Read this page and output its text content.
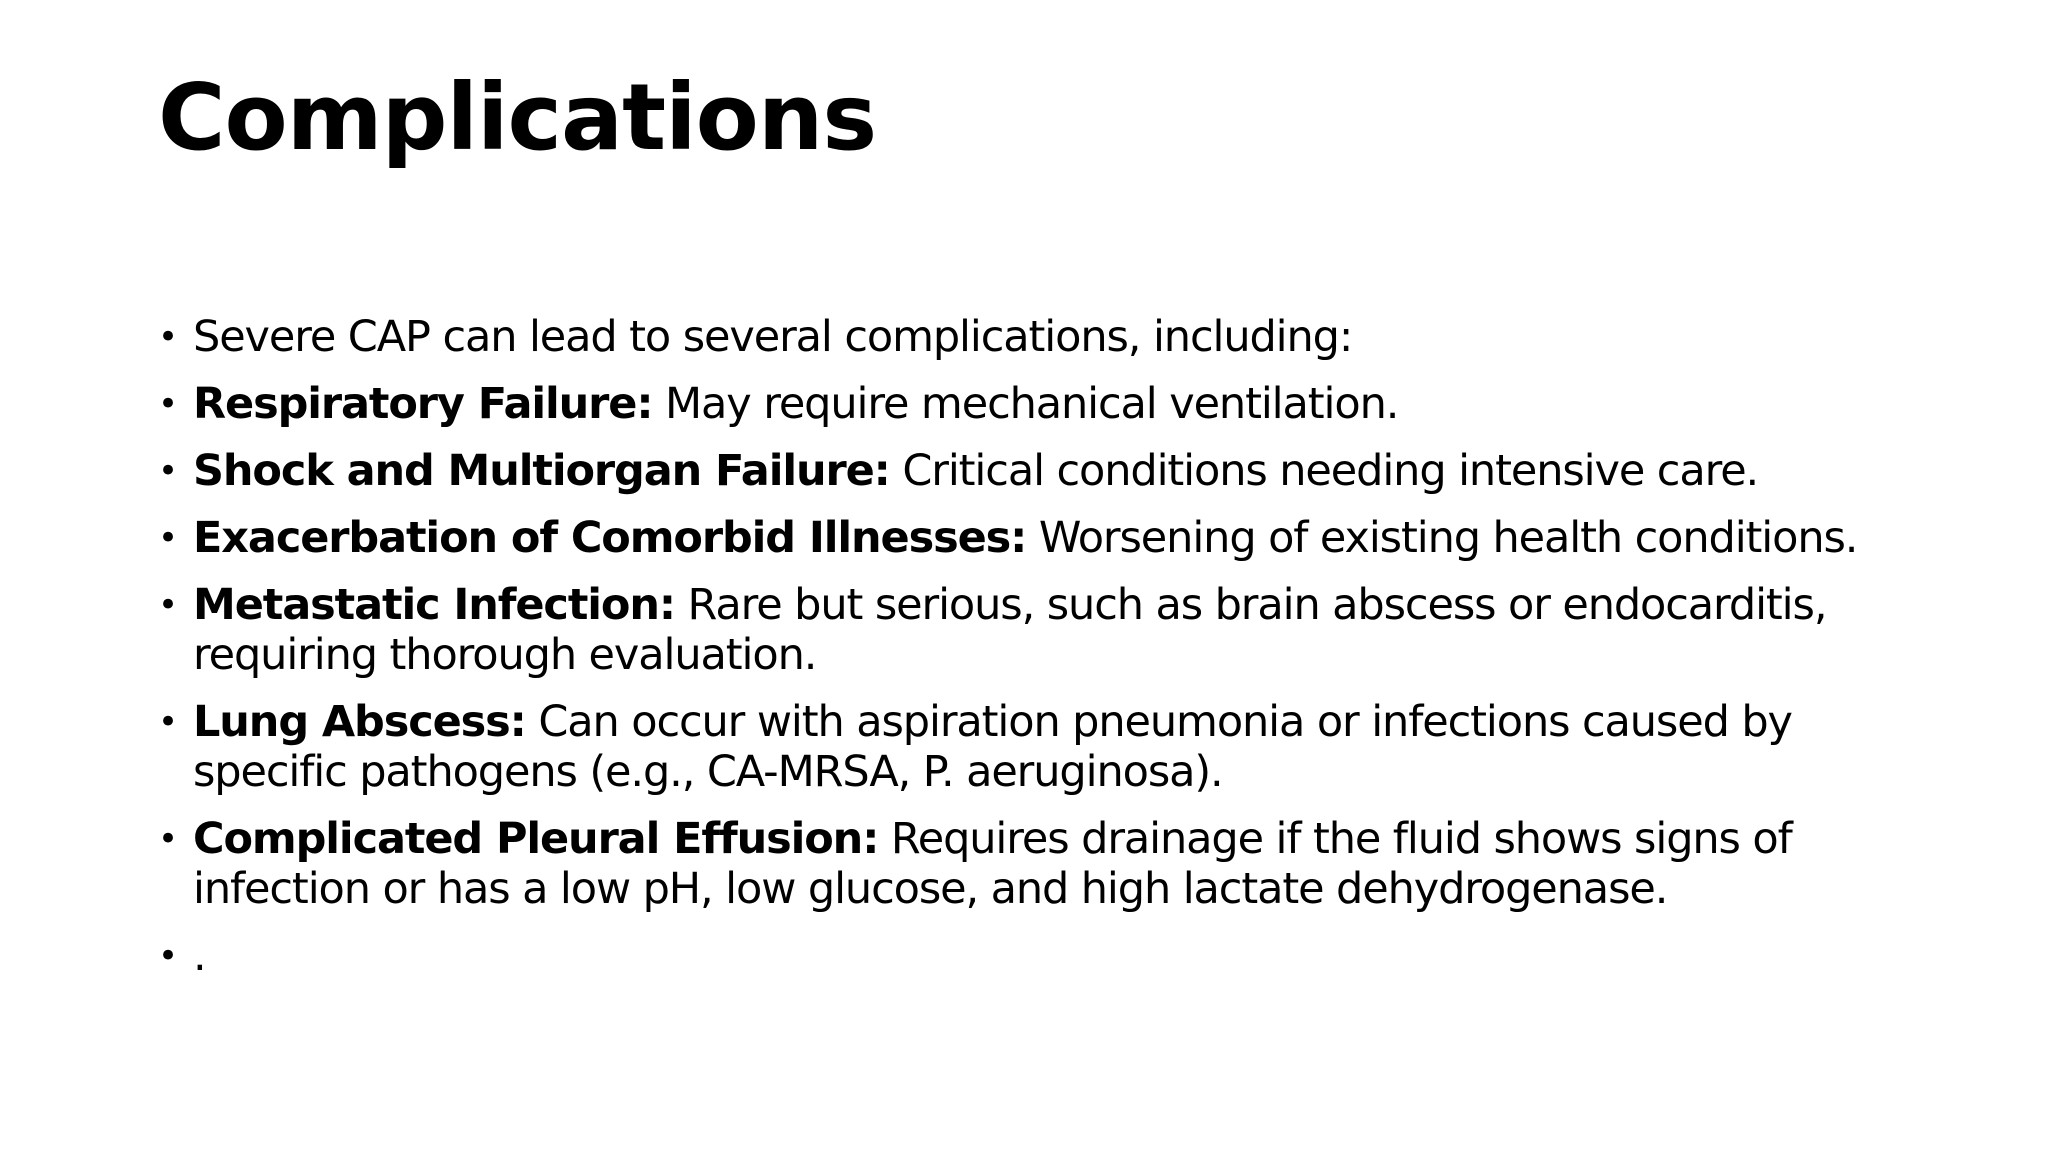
Complications
• Severe CAP can lead to several complications, including:
• Respiratory Failure: May require mechanical ventilation.
• Shock and Multiorgan Failure: Critical conditions needing intensive care.
• Exacerbation of Comorbid Illnesses: Worsening of existing health conditions.
• Metastatic Infection: Rare but serious, such as brain abscess or endocarditis, requiring thorough evaluation.
• Lung Abscess: Can occur with aspiration pneumonia or infections caused by specific pathogens (e.g., CA-MRSA, P. aeruginosa).
• Complicated Pleural Effusion: Requires drainage if the fluid shows signs of infection or has a low pH, low glucose, and high lactate dehydrogenase.
• .
